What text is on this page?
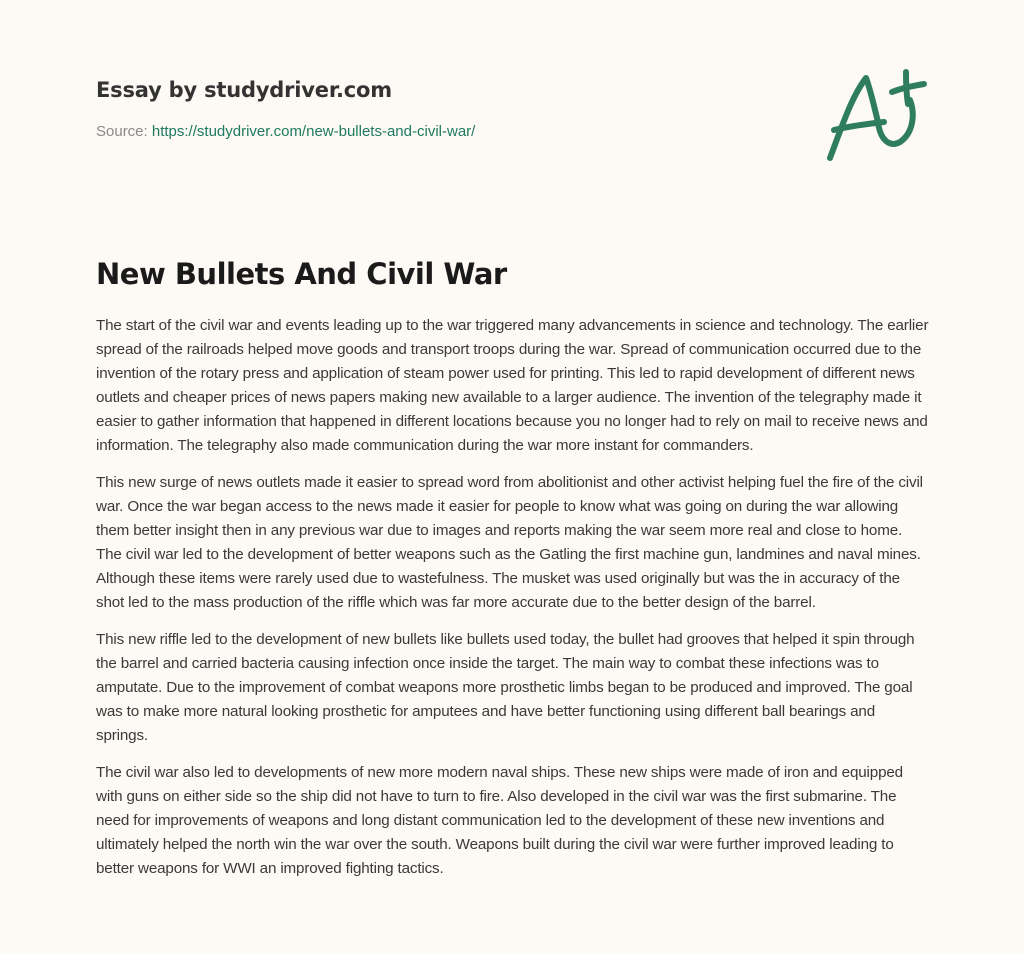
Essay by studydriver.com
Source: https://studydriver.com/new-bullets-and-civil-war/
New Bullets And Civil War

The start of the civil war and events leading up to the war triggered many advancements in science and technology. The earlier spread of the railroads helped move goods and transport troops during the war. Spread of communication occurred due to the invention of the rotary press and application of steam power used for printing. This led to rapid development of different news outlets and cheaper prices of news papers making new available to a larger audience. The invention of the telegraphy made it easier to gather information that happened in different locations because you no longer had to rely on mail to receive news and information. The telegraphy also made communication during the war more instant for commanders.

This new surge of news outlets made it easier to spread word from abolitionist and other activist helping fuel the fire of the civil war. Once the war began access to the news made it easier for people to know what was going on during the war allowing them better insight then in any previous war due to images and reports making the war seem more real and close to home. The civil war led to the development of better weapons such as the Gatling the first machine gun, landmines and naval mines. Although these items were rarely used due to wastefulness. The musket was used originally but was the in accuracy of the shot led to the mass production of the riffle which was far more accurate due to the better design of the barrel.

This new riffle led to the development of new bullets like bullets used today, the bullet had grooves that helped it spin through the barrel and carried bacteria causing infection once inside the target. The main way to combat these infections was to amputate. Due to the improvement of combat weapons more prosthetic limbs began to be produced and improved. The goal was to make more natural looking prosthetic for amputees and have better functioning using different ball bearings and springs.

The civil war also led to developments of new more modern naval ships. These new ships were made of iron and equipped with guns on either side so the ship did not have to turn to fire. Also developed in the civil war was the first submarine. The need for improvements of weapons and long distant communication led to the development of these new inventions and ultimately helped the north win the war over the south. Weapons built during the civil war were further improved leading to better weapons for WWI an improved fighting tactics.
